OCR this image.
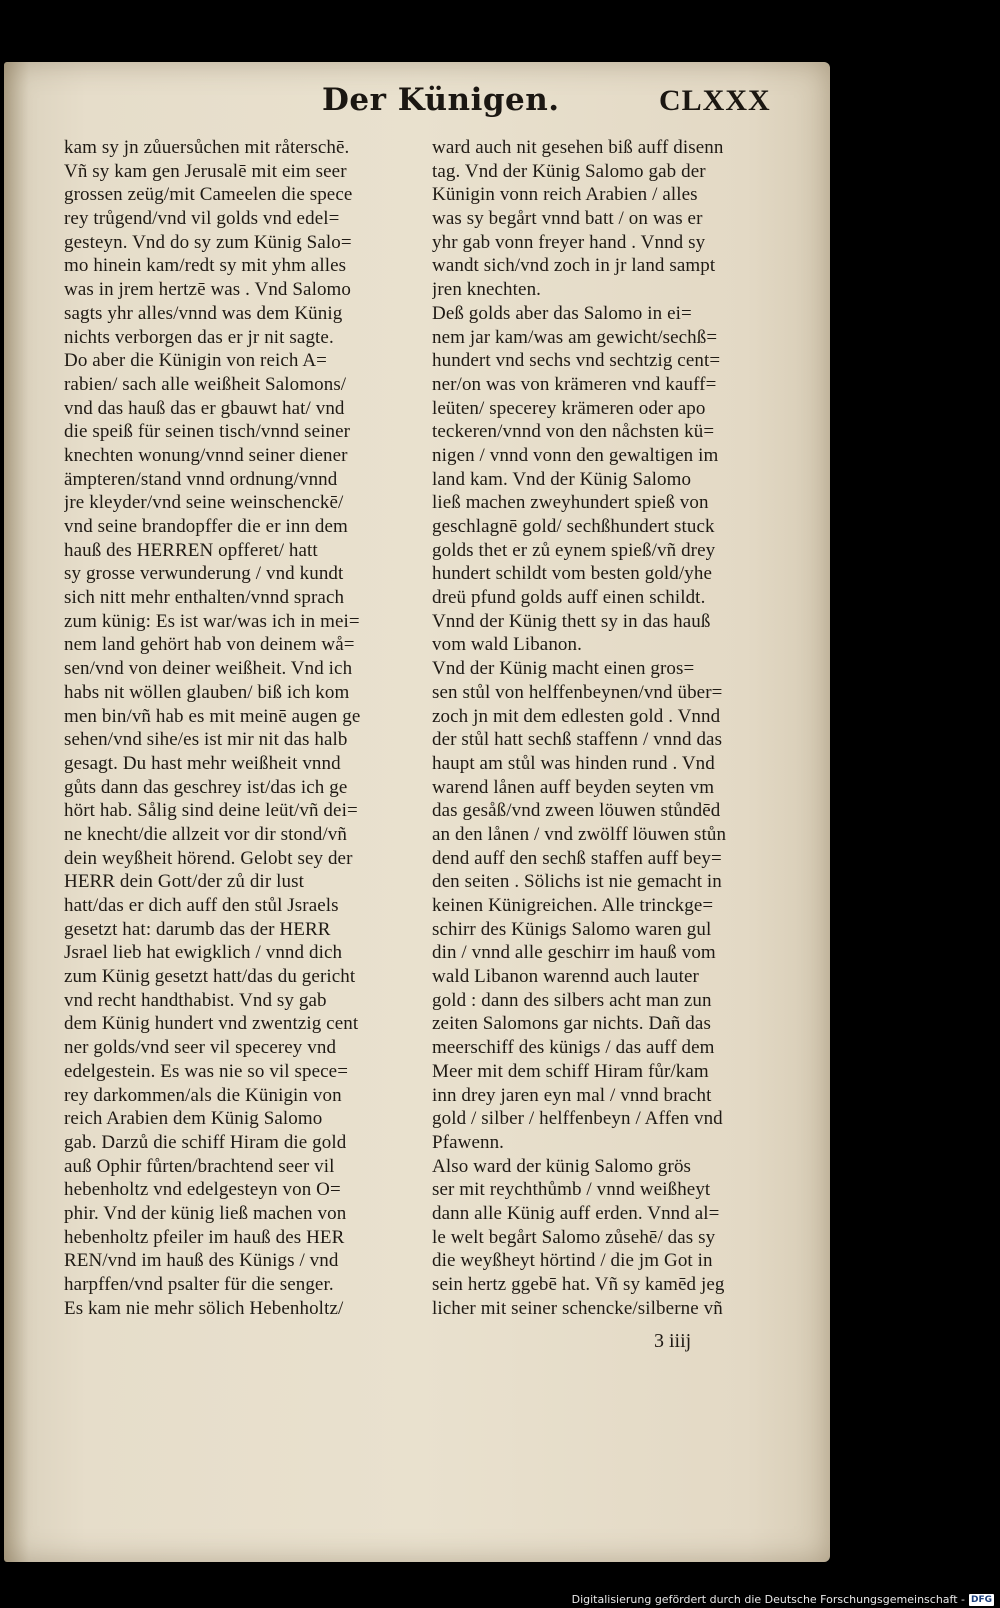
Der Künigen.	CLXXX
kam sy jn zůuersůchen mit råterschē.
Vñ sy kam gen Jerusalē mit eim seer
grossen zeüg/mit Cameelen die spece
rey trůgend/vnd vil golds vnd edel=
gesteyn. Vnd do sy zum Künig Salo=
mo hinein kam/redt sy mit yhm alles
was in jrem hertzē was . Vnd Salomo
sagts yhr alles/vnnd was dem Künig
nichts verborgen das er jr nit sagte.
Do aber die Künigin von reich A=
rabien/ sach alle weißheit Salomons/
vnd das hauß das er gbauwt hat/ vnd
die speiß für seinen tisch/vnnd seiner
knechten wonung/vnnd seiner diener
ämpteren/stand vnnd ordnung/vnnd
jre kleyder/vnd seine weinschenckē/
vnd seine brandopffer die er inn dem
hauß des HERREN opfferet/ hatt
sy grosse verwunderung / vnd kundt
sich nitt mehr enthalten/vnnd sprach
zum künig: Es ist war/was ich in mei=
nem land gehört hab von deinem wå=
sen/vnd von deiner weißheit. Vnd ich
habs nit wöllen glauben/ biß ich kom
men bin/vñ hab es mit meinē augen ge
sehen/vnd sihe/es ist mir nit das halb
gesagt. Du hast mehr weißheit vnnd
gůts dann das geschrey ist/das ich ge
hört hab. Sålig sind deine leüt/vñ dei=
ne knecht/die allzeit vor dir stond/vñ
dein weyßheit hörend. Gelobt sey der
HERR dein Gott/der zů dir lust
hatt/das er dich auff den stůl Jsraels
gesetzt hat: darumb das der HERR
Jsrael lieb hat ewigklich / vnnd dich
zum Künig gesetzt hatt/das du gericht
vnd recht handthabist. Vnd sy gab
dem Künig hundert vnd zwentzig cent
ner golds/vnd seer vil specerey vnd
edelgestein. Es was nie so vil spece=
rey darkommen/als die Künigin von
reich Arabien dem Künig Salomo
gab. Darzů die schiff Hiram die gold
auß Ophir fůrten/brachtend seer vil
hebenholtz vnd edelgesteyn von O=
phir. Vnd der künig ließ machen von
hebenholtz pfeiler im hauß des HER
REN/vnd im hauß des Künigs / vnd
harpffen/vnd psalter für die senger.
Es kam nie mehr sölich Hebenholtz/
ward auch nit gesehen biß auff disenn
tag. Vnd der Künig Salomo gab der
Künigin vonn reich Arabien / alles
was sy begårt vnnd batt / on was er
yhr gab vonn freyer hand . Vnnd sy
wandt sich/vnd zoch in jr land sampt
jren knechten.
Deß golds aber das Salomo in ei=
nem jar kam/was am gewicht/sechß=
hundert vnd sechs vnd sechtzig cent=
ner/on was von krämeren vnd kauff=
leüten/ specerey krämeren oder apo
teckeren/vnnd von den nåchsten kü=
nigen / vnnd vonn den gewaltigen im
land kam. Vnd der Künig Salomo
ließ machen zweyhundert spieß von
geschlagnē gold/ sechßhundert stuck
golds thet er zů eynem spieß/vñ drey
hundert schildt vom besten gold/yhe
dreü pfund golds auff einen schildt.
Vnnd der Künig thett sy in das hauß
vom wald Libanon.
Vnd der Künig macht einen gros=
sen stůl von helffenbeynen/vnd über=
zoch jn mit dem edlesten gold . Vnnd
der stůl hatt sechß staffenn / vnnd das
haupt am stůl was hinden rund . Vnd
warend lånen auff beyden seyten vm
das gesåß/vnd zween löuwen stůndēd
an den lånen / vnd zwölff löuwen stůn
dend auff den sechß staffen auff bey=
den seiten . Sölichs ist nie gemacht in
keinen Künigreichen. Alle trinckge=
schirr des Künigs Salomo waren gul
din / vnnd alle geschirr im hauß vom
wald Libanon warennd auch lauter
gold : dann des silbers acht man zun
zeiten Salomons gar nichts. Dañ das
meerschiff des künigs / das auff dem
Meer mit dem schiff Hiram fůr/kam
inn drey jaren eyn mal / vnnd bracht
gold / silber / helffenbeyn / Affen vnd
Pfawenn.
Also ward der künig Salomo grös
ser mit reychthůmb / vnnd weißheyt
dann alle Künig auff erden. Vnnd al=
le welt begårt Salomo zůsehē/ das sy
die weyßheyt hörtind / die jm Got in
sein hertz ggebē hat. Vñ sy kamēd jeg
licher mit seiner schencke/silberne vñ
3 iiij
Digitalisierung gefördert durch die Deutsche Forschungsgemeinschaft - DFG
